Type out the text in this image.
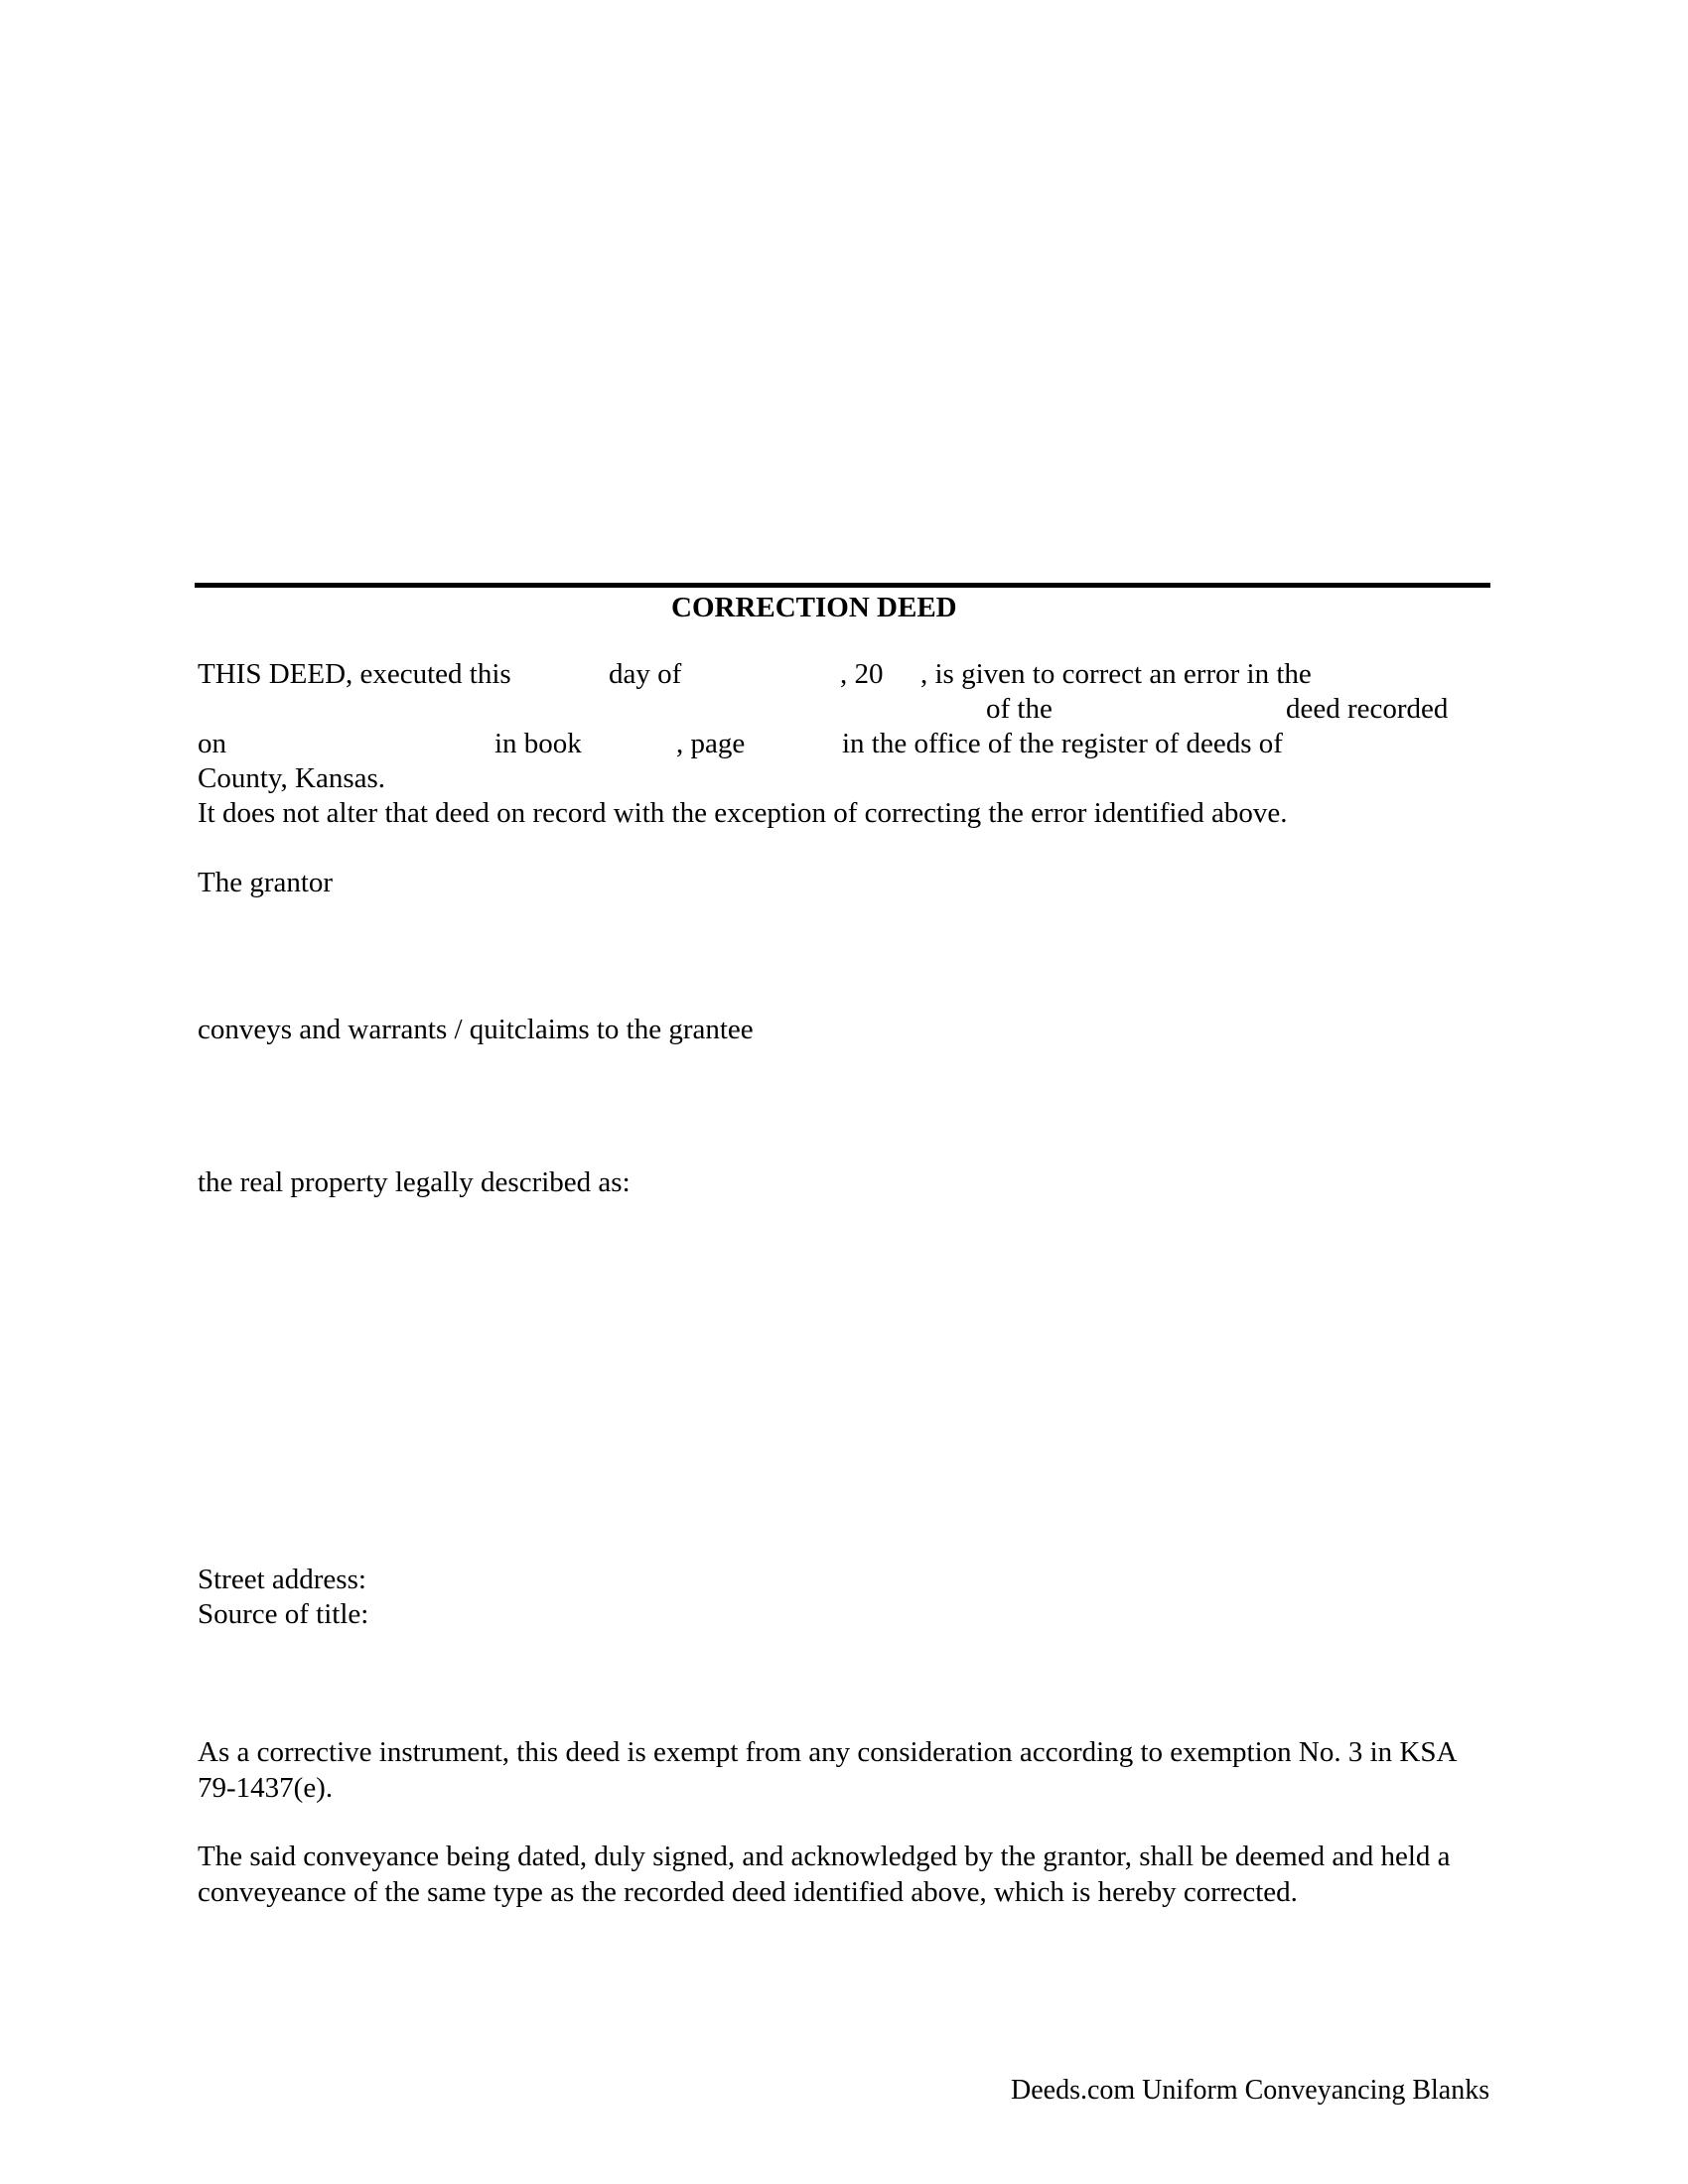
CORRECTION DEED
THIS DEED, executed this	day of	, 20 , is given to correct an error in the
of the	deed recorded
on	in book	, page	in the office of the register of deeds of
County, Kansas.
It does not alter that deed on record with the exception of correcting the error identified above.
The grantor
conveys and warrants / quitclaims to the grantee
the real property legally described as:
Street address:
Source of title:
As a corrective instrument, this deed is exempt from any consideration according to exemption No. 3 in KSA 79-1437(e).
The said conveyance being dated, duly signed, and acknowledged by the grantor, shall be deemed and held a conveyeance of the same type as the recorded deed identified above, which is hereby corrected.
Deeds.com Uniform Conveyancing Blanks
